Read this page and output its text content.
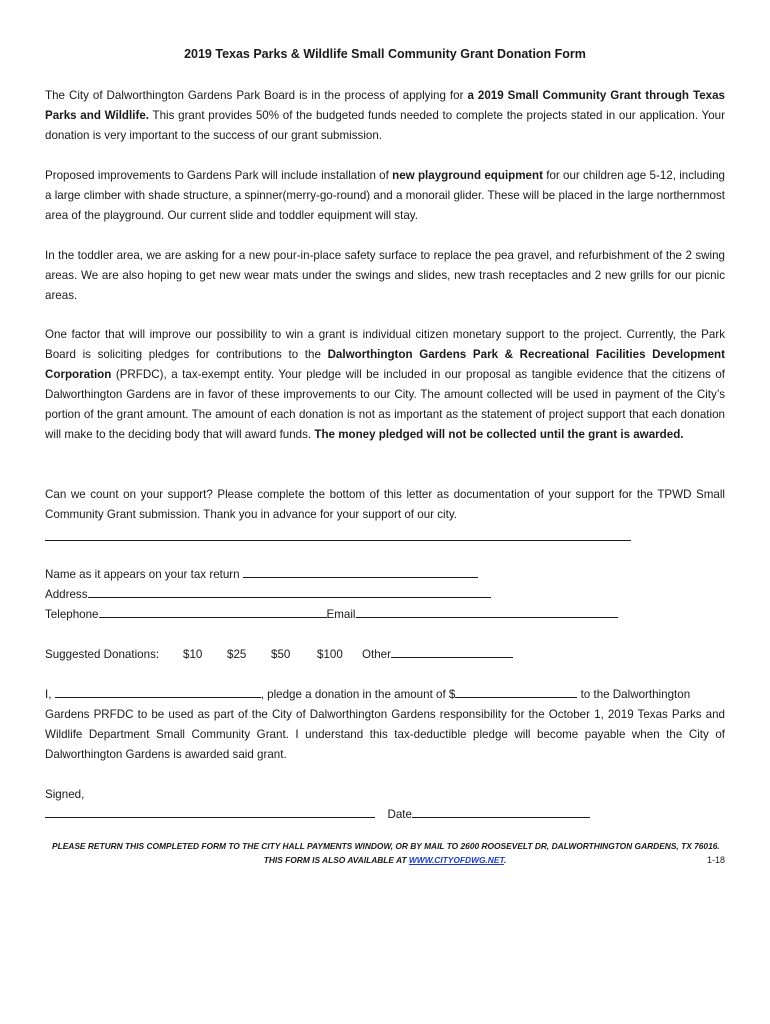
2019 Texas Parks & Wildlife Small Community Grant Donation Form
The City of Dalworthington Gardens Park Board is in the process of applying for a 2019 Small Community Grant through Texas Parks and Wildlife. This grant provides 50% of the budgeted funds needed to complete the projects stated in our application. Your donation is very important to the success of our grant submission.
Proposed improvements to Gardens Park will include installation of new playground equipment for our children age 5-12, including a large climber with shade structure, a spinner(merry-go-round) and a monorail glider. These will be placed in the large northernmost area of the playground. Our current slide and toddler equipment will stay.
In the toddler area, we are asking for a new pour-in-place safety surface to replace the pea gravel, and refurbishment of the 2 swing areas. We are also hoping to get new wear mats under the swings and slides, new trash receptacles and 2 new grills for our picnic areas.
One factor that will improve our possibility to win a grant is individual citizen monetary support to the project. Currently, the Park Board is soliciting pledges for contributions to the Dalworthington Gardens Park & Recreational Facilities Development Corporation (PRFDC), a tax-exempt entity. Your pledge will be included in our proposal as tangible evidence that the citizens of Dalworthington Gardens are in favor of these improvements to our City. The amount collected will be used in payment of the City’s portion of the grant amount. The amount of each donation is not as important as the statement of project support that each donation will make to the deciding body that will award funds. The money pledged will not be collected until the grant is awarded.
Can we count on your support? Please complete the bottom of this letter as documentation of your support for the TPWD Small Community Grant submission. Thank you in advance for your support of our city.
Name as it appears on your tax return
Address
Telephone	Email
Suggested Donations: $10 $25 $50 $100 Other
I,	, pledge a donation in the amount of $	to the Dalworthington
Gardens PRFDC to be used as part of the City of Dalworthington Gardens responsibility for the October 1, 2019 Texas Parks and Wildlife Department Small Community Grant. I understand this tax-deductible pledge will become payable when the City of Dalworthington Gardens is awarded said grant.
Signed,
Date
PLEASE RETURN THIS COMPLETED FORM TO THE CITY HALL PAYMENTS WINDOW, OR BY MAIL TO 2600 ROOSEVELT DR, DALWORTHINGTON GARDENS, TX 76016.
THIS FORM IS ALSO AVAILABLE AT WWW.CITYOFDWG.NET.	1-18
